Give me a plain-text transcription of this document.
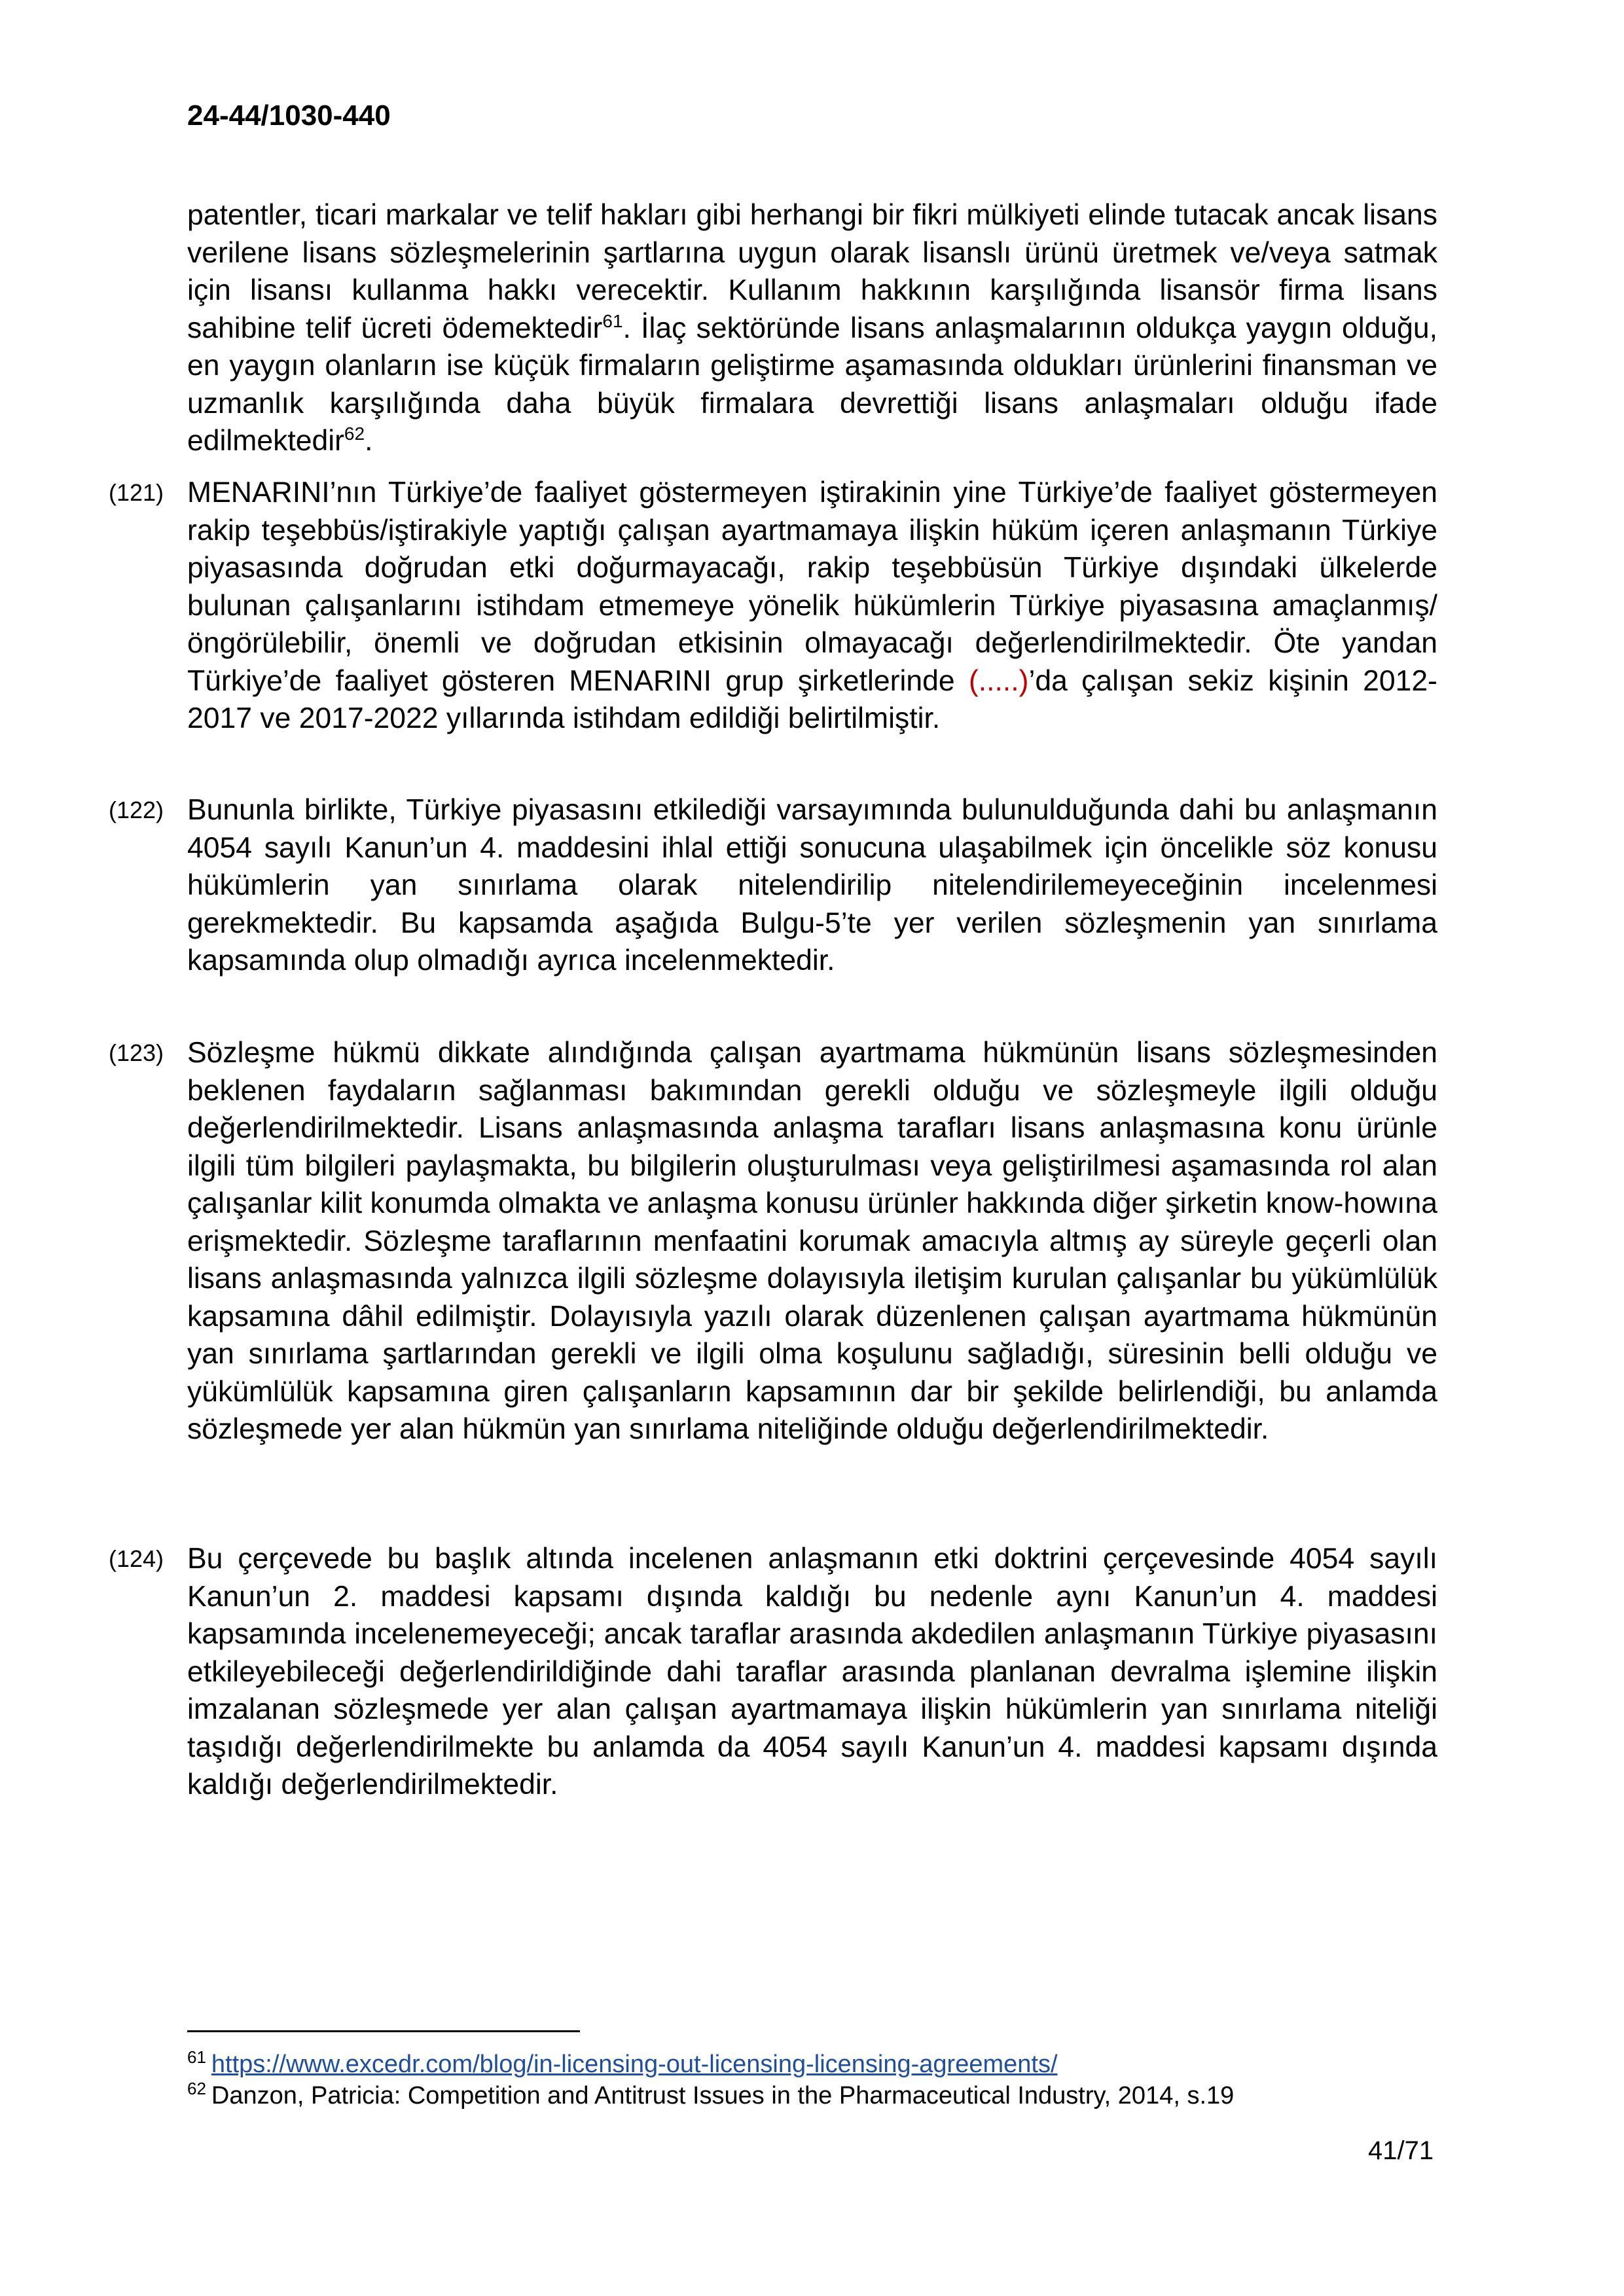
24-44/1030-440
patentler, ticari markalar ve telif hakları gibi herhangi bir fikri mülkiyeti elinde tutacak ancak lisans verilene lisans sözleşmelerinin şartlarına uygun olarak lisanslı ürünü üretmek ve/veya satmak için lisansı kullanma hakkı verecektir. Kullanım hakkının karşılığında lisansör firma lisans sahibine telif ücreti ödemektedir$^{61}$. İlaç sektöründe lisans anlaşmalarının oldukça yaygın olduğu, en yaygın olanların ise küçük firmaların geliştirme aşamasında oldukları ürünlerini finansman ve uzmanlık karşılığında daha büyük firmalara devrettiği lisans anlaşmaları olduğu ifade edilmektedir$^{62}$.
(121) MENARINI’nın Türkiye’de faaliyet göstermeyen iştirakinin yine Türkiye’de faaliyet göstermeyen rakip teşebbüs/iştirakiyle yaptığı çalışan ayartmamaya ilişkin hüküm içeren anlaşmanın Türkiye piyasasında doğrudan etki doğurmayacağı, rakip teşebbüsün Türkiye dışındaki ülkelerde bulunan çalışanlarını istihdam etmemeye yönelik hükümlerin Türkiye piyasasına amaçlanmış/öngörülebilir, önemli ve doğrudan etkisinin olmayacağı değerlendirilmektedir. Öte yandan Türkiye’de faaliyet gösteren MENARINI grup şirketlerinde (.....)’da çalışan sekiz kişinin 2012-2017 ve 2017-2022 yıllarında istihdam edildiği belirtilmiştir.
(122) Bununla birlikte, Türkiye piyasasını etkilediği varsayımında bulunulduğunda dahi bu anlaşmanın 4054 sayılı Kanun’un 4. maddesini ihlal ettiği sonucuna ulaşabilmek için öncelikle söz konusu hükümlerin yan sınırlama olarak nitelendirilip nitelendirilemeyeceğinin incelenmesi gerekmektedir. Bu kapsamda aşağıda Bulgu-5’te yer verilen sözleşmenin yan sınırlama kapsamında olup olmadığı ayrıca incelenmektedir.
(123) Sözleşme hükmü dikkate alındığında çalışan ayartmama hükmünün lisans sözleşmesinden beklenen faydaların sağlanması bakımından gerekli olduğu ve sözleşmeyle ilgili olduğu değerlendirilmektedir. Lisans anlaşmasında anlaşma tarafları lisans anlaşmasına konu ürünle ilgili tüm bilgileri paylaşmakta, bu bilgilerin oluşturulması veya geliştirilmesi aşamasında rol alan çalışanlar kilit konumda olmakta ve anlaşma konusu ürünler hakkında diğer şirketin know-howına erişmektedir. Sözleşme taraflarının menfaatini korumak amacıyla altmış ay süreyle geçerli olan lisans anlaşmasında yalnızca ilgili sözleşme dolayısıyla iletişim kurulan çalışanlar bu yükümlülük kapsamına dâhil edilmiştir. Dolayısıyla yazılı olarak düzenlenen çalışan ayartmama hükmünün yan sınırlama şartlarından gerekli ve ilgili olma koşulunu sağladığı, süresinin belli olduğu ve yükümlülük kapsamına giren çalışanların kapsamının dar bir şekilde belirlendiği, bu anlamda sözleşmede yer alan hükmün yan sınırlama niteliğinde olduğu değerlendirilmektedir.
(124) Bu çerçevede bu başlık altında incelenen anlaşmanın etki doktrini çerçevesinde 4054 sayılı Kanun’un 2. maddesi kapsamı dışında kaldığı bu nedenle aynı Kanun’un 4. maddesi kapsamında incelenemeyeceği; ancak taraflar arasında akdedilen anlaşmanın Türkiye piyasasını etkileyebileceği değerlendirildiğinde dahi taraflar arasında planlanan devralma işlemine ilişkin imzalanan sözleşmede yer alan çalışan ayartmamaya ilişkin hükümlerin yan sınırlama niteliği taşıdığı değerlendirilmekte bu anlamda da 4054 sayılı Kanun’un 4. maddesi kapsamı dışında kaldığı değerlendirilmektedir.
$^{61}$ https://www.excedr.com/blog/in-licensing-out-licensing-licensing-agreements/
$^{62}$ Danzon, Patricia: Competition and Antitrust Issues in the Pharmaceutical Industry, 2014, s.19
41/71
